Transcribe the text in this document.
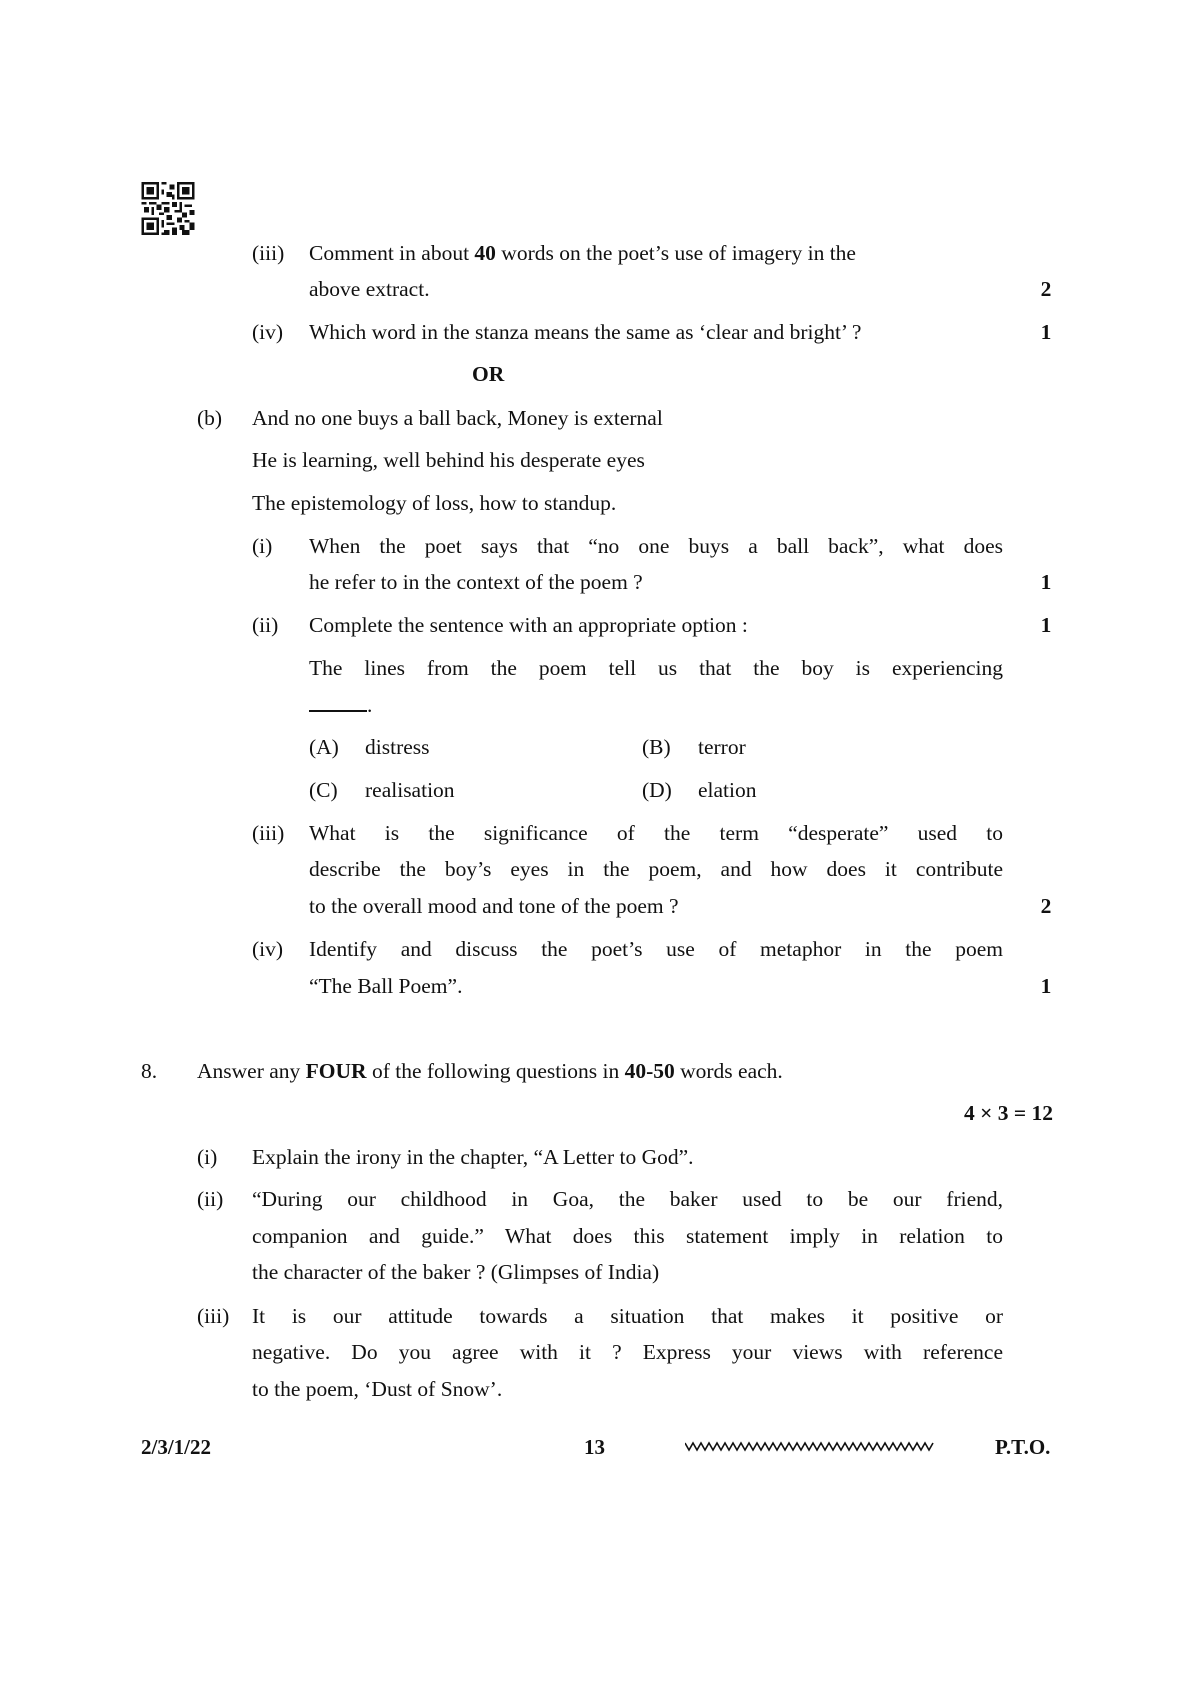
(iii) Comment in about 40 words on the poet’s use of imagery in the
above extract.	2
(iv) Which word in the stanza means the same as ‘clear and bright’ ?	1
OR
(b) And no one buys a ball back, Money is external
He is learning, well behind his desperate eyes
The epistemology of loss, how to standup.
(i) When the poet says that “no one buys a ball back”, what does
he refer to in the context of the poem ?	1
(ii) Complete the sentence with an appropriate option :	1
The lines from the poem tell us that the boy is experiencing
.
(A) distress	(B) terror
(C) realisation	(D) elation
(iii) What is the significance of the term “desperate” used to
describe the boy’s eyes in the poem, and how does it contribute
to the overall mood and tone of the poem ?	2
(iv) Identify and discuss the poet’s use of metaphor in the poem
“The Ball Poem”.	1
8. Answer any FOUR of the following questions in 40-50 words each.
4 × 3 = 12
(i) Explain the irony in the chapter, “A Letter to God”.
(ii) “During our childhood in Goa, the baker used to be our friend,
companion and guide.” What does this statement imply in relation to
the character of the baker ? (Glimpses of India)
(iii) It is our attitude towards a situation that makes it positive or
negative. Do you agree with it ? Express your views with reference
to the poem, ‘Dust of Snow’.
2/3/1/22	13	P.T.O.
